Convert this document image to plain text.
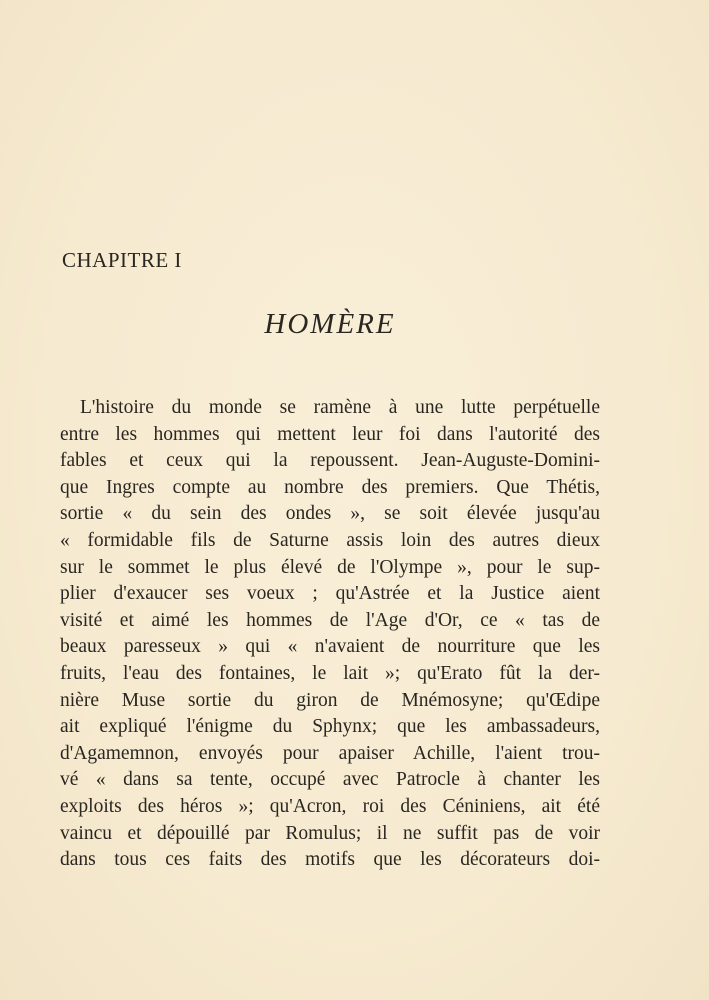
CHAPITRE I
HOMÈRE
L'histoire du monde se ramène à une lutte perpétuelle
entre les hommes qui mettent leur foi dans l'autorité des
fables et ceux qui la repoussent. Jean-Auguste-Domini-
que Ingres compte au nombre des premiers. Que Thétis,
sortie « du sein des ondes », se soit élevée jusqu'au
« formidable fils de Saturne assis loin des autres dieux
sur le sommet le plus élevé de l'Olympe », pour le sup-
plier d'exaucer ses voeux ; qu'Astrée et la Justice aient
visité et aimé les hommes de l'Age d'Or, ce « tas de
beaux paresseux » qui « n'avaient de nourriture que les
fruits, l'eau des fontaines, le lait »; qu'Erato fût la der-
nière Muse sortie du giron de Mnémosyne; qu'Œdipe
ait expliqué l'énigme du Sphynx; que les ambassadeurs,
d'Agamemnon, envoyés pour apaiser Achille, l'aient trou-
vé « dans sa tente, occupé avec Patrocle à chanter les
exploits des héros »; qu'Acron, roi des Céniniens, ait été
vaincu et dépouillé par Romulus; il ne suffit pas de voir
dans tous ces faits des motifs que les décorateurs doi-
